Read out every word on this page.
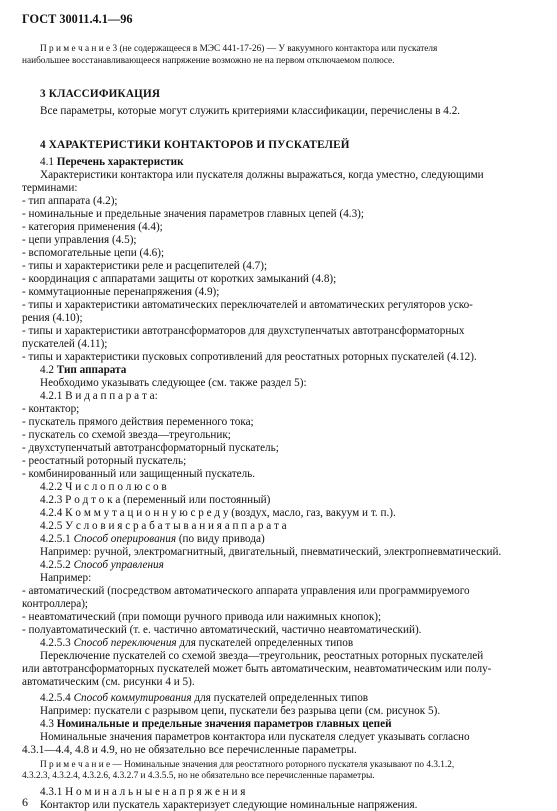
ГОСТ 30011.4.1—96
П р и м е ч а н и е 3 (не содержащееся в МЭС 441-17-26) — У вакуумного контактора или пускателя
наибольшее восстанавливающееся напряжение возможно не на первом отключаемом полюсе.
3 КЛАССИФИКАЦИЯ
Все параметры, которые могут служить критериями классификации, перечислены в 4.2.
4 ХАРАКТЕРИСТИКИ КОНТАКТОРОВ И ПУСКАТЕЛЕЙ
4.1 Перечень характеристик
Характеристики контактора или пускателя должны выражаться, когда уместно, следующими
терминами:
- тип аппарата (4.2);
- номинальные и предельные значения параметров главных цепей (4.3);
- категория применения (4.4);
- цепи управления (4.5);
- вспомогательные цепи (4.6);
- типы и характеристики реле и расцепителей (4.7);
- координация с аппаратами защиты от коротких замыканий (4.8);
- коммутационные перенапряжения (4.9);
- типы и характеристики автоматических переключателей и автоматических регуляторов уско-
рения (4.10);
- типы и характеристики автотрансформаторов для двухступенчатых автотрансформаторных
пускателей (4.11);
- типы и характеристики пусковых сопротивлений для реостатных роторных пускателей (4.12).
4.2 Тип аппарата
Необходимо указывать следующее (см. также раздел 5):
4.2.1 В и д а п п а р а т а:
- контактор;
- пускатель прямого действия переменного тока;
- пускатель со схемой звезда—треугольник;
- двухступенчатый автотрансформаторный пускатель;
- реостатный роторный пускатель;
- комбинированный или защищенный пускатель.
4.2.2 Ч и с л о п о л ю с о в
4.2.3 Р о д т о к а (переменный или постоянный)
4.2.4 К о м м у т а ц и о н н у ю с р е д у (воздух, масло, газ, вакуум и т. п.).
4.2.5 У с л о в и я с р а б а т ы в а н и я а п п а р а т а
4.2.5.1 Способ оперирования (по виду привода)
Например: ручной, электромагнитный, двигательный, пневматический, электропневматический.
4.2.5.2 Способ управления
Например:
- автоматический (посредством автоматического аппарата управления или программируемого
контроллера);
- неавтоматический (при помощи ручного привода или нажимных кнопок);
- полуавтоматический (т. е. частично автоматический, частично неавтоматический).
4.2.5.3 Способ переключения для пускателей определенных типов
Переключение пускателей со схемой звезда—треугольник, реостатных роторных пускателей
или автотрансформаторных пускателей может быть автоматическим, неавтоматическим или полу-
автоматическим (см. рисунки 4 и 5).
4.2.5.4 Способ коммутирования для пускателей определенных типов
Например: пускатели с разрывом цепи, пускатели без разрыва цепи (см. рисунок 5).
4.3 Номинальные и предельные значения параметров главных цепей
Номинальные значения параметров контактора или пускателя следует указывать согласно
4.3.1—4.4, 4.8 и 4.9, но не обязательно все перечисленные параметры.
П р и м е ч а н и е — Номинальные значения для реостатного роторного пускателя указывают по 4.3.1.2,
4.3.2.3, 4.3.2.4, 4.3.2.6, 4.3.2.7 и 4.3.5.5, но не обязательно все перечисленные параметры.
4.3.1 Н о м и н а л ь н ы е н а п р я ж е н и я
Контактор или пускатель характеризует следующие номинальные напряжения.
6
